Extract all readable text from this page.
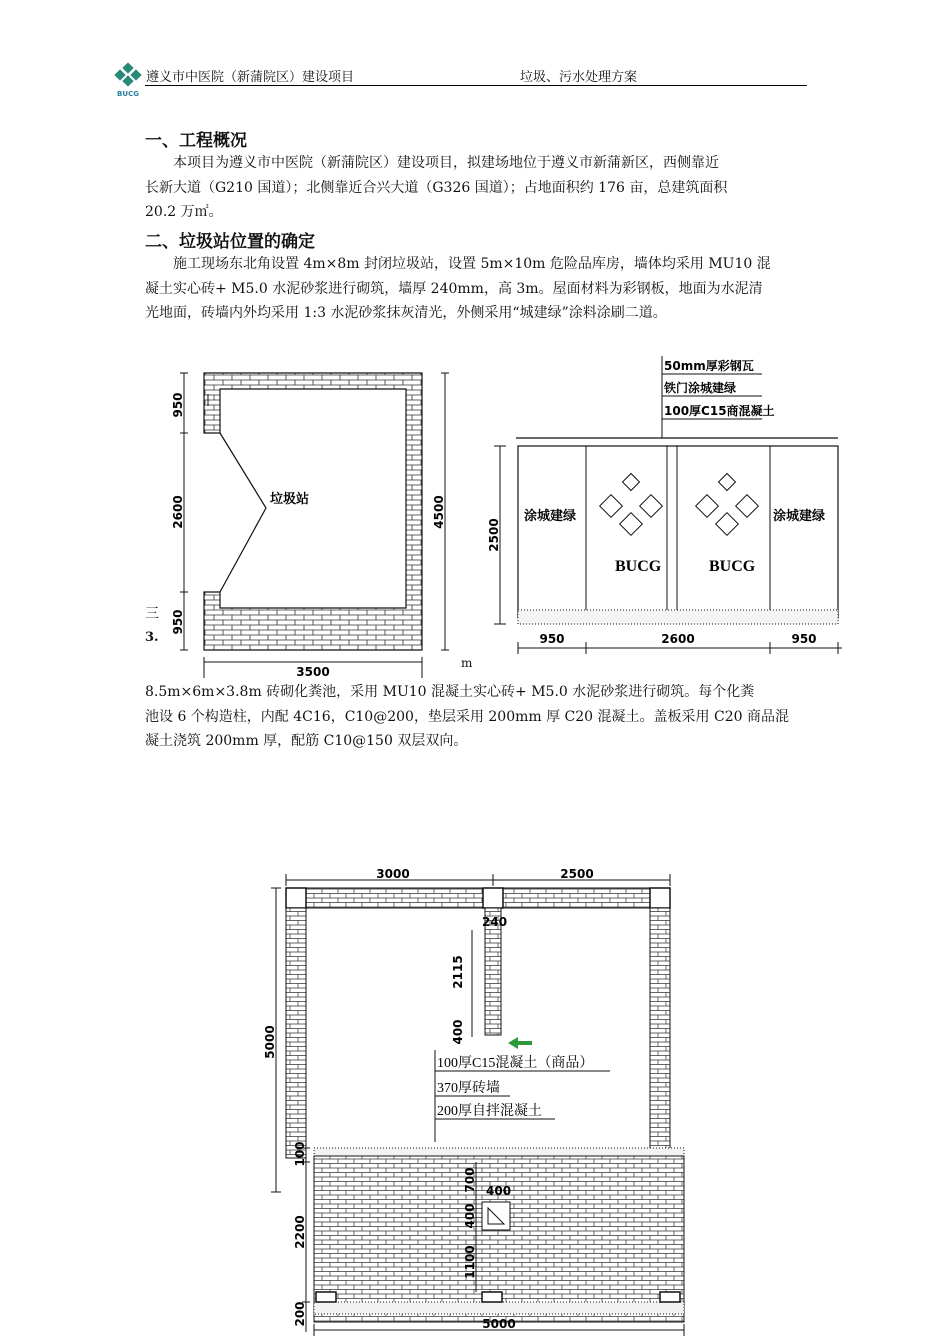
BUCG
遵义市中医院（新蒲院区）建设项目	垃圾、污水处理方案
一、工程概况
本项目为遵义市中医院（新蒲院区）建设项目，拟建场地位于遵义市新蒲新区，西侧靠近
长新大道（G210 国道）；北侧靠近合兴大道（G326 国道）；占地面积约 176 亩，总建筑面积
20.2 万㎡。
二、垃圾站位置的确定
施工现场东北角设置 4m×8m 封闭垃圾站，设置 5m×10m 危险品库房，墙体均采用 MU10 混
凝土实心砖+ M5.0 水泥砂浆进行砌筑，墙厚 240mm，高 3m。屋面材料为彩钢板，地面为水泥清
光地面，砖墙内外均采用 1:3 水泥砂浆抹灰清光，外侧采用“城建绿”涂料涂刷二道。
垃圾站
950
2600
950
4500
3500
50mm厚彩钢瓦
铁门涂城建绿
100厚C15商混凝土
涂城建绿	涂城建绿
BUCG	BUCG
2500
950	2600	950
三
3.
m
8.5m×6m×3.8m 砖砌化粪池，采用 MU10 混凝土实心砖+ M5.0 水泥砂浆进行砌筑。每个化粪
池设 6 个构造柱，内配 4C16，C10@200，垫层采用 200mm 厚 C20 混凝土。盖板采用 C20 商品混
凝土浇筑 200mm 厚，配筋 C10@150 双层双向。
3000	2500
5000
240
2115
400
100厚C15混凝土（商品）
370厚砖墙
200厚自拌混凝土
100
2200
200
700 400
400
1100
5000
